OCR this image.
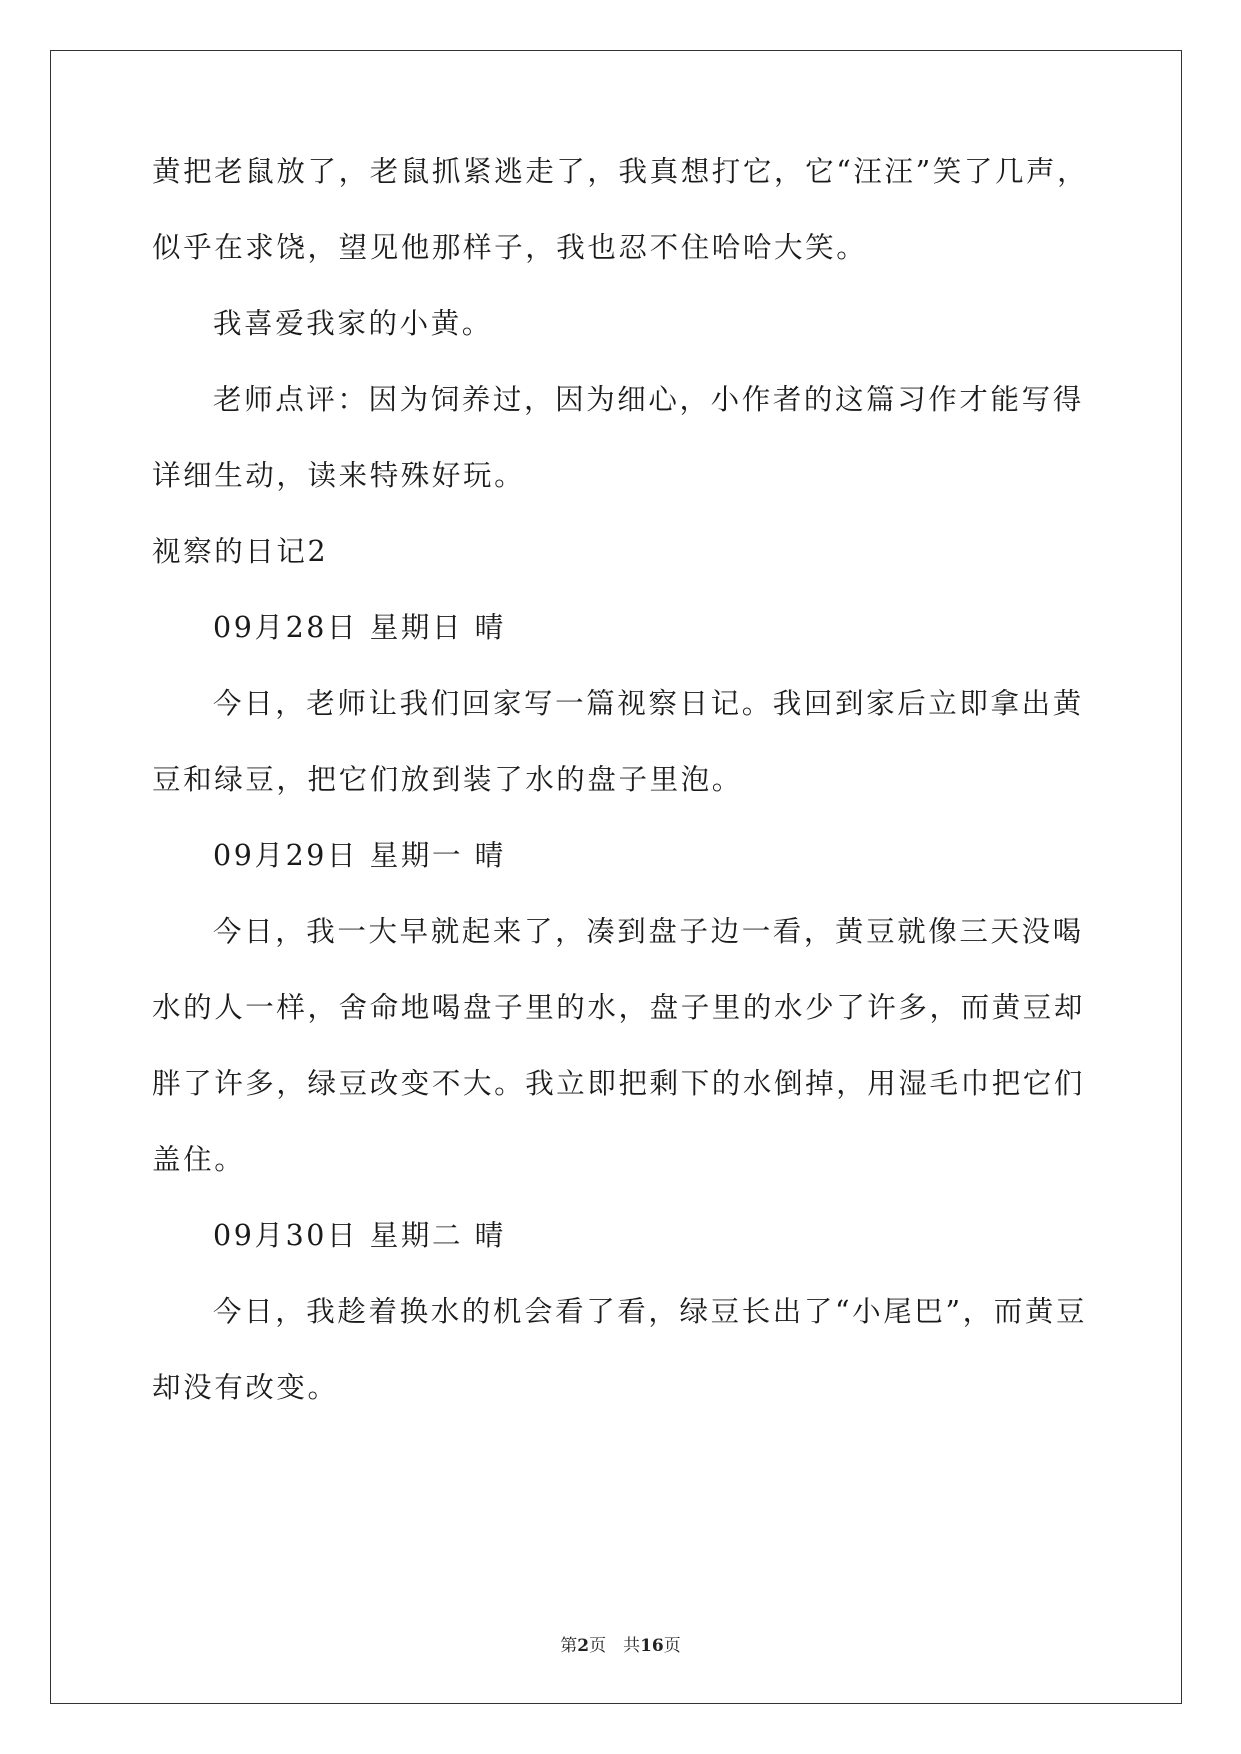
黄把老鼠放了，老鼠抓紧逃走了，我真想打它，它“汪汪”笑了几声，
似乎在求饶，望见他那样子，我也忍不住哈哈大笑。
我喜爱我家的小黄。
老师点评：因为饲养过，因为细心，小作者的这篇习作才能写得
详细生动，读来特殊好玩。
视察的日记2
09月28日 星期日 晴
今日，老师让我们回家写一篇视察日记。我回到家后立即拿出黄
豆和绿豆，把它们放到装了水的盘子里泡。
09月29日 星期一 晴
今日，我一大早就起来了，凑到盘子边一看，黄豆就像三天没喝
水的人一样，舍命地喝盘子里的水，盘子里的水少了许多，而黄豆却
胖了许多，绿豆改变不大。我立即把剩下的水倒掉，用湿毛巾把它们
盖住。
09月30日 星期二 晴
今日，我趁着换水的机会看了看，绿豆长出了“小尾巴”，而黄豆
却没有改变。
第2页　共16页
